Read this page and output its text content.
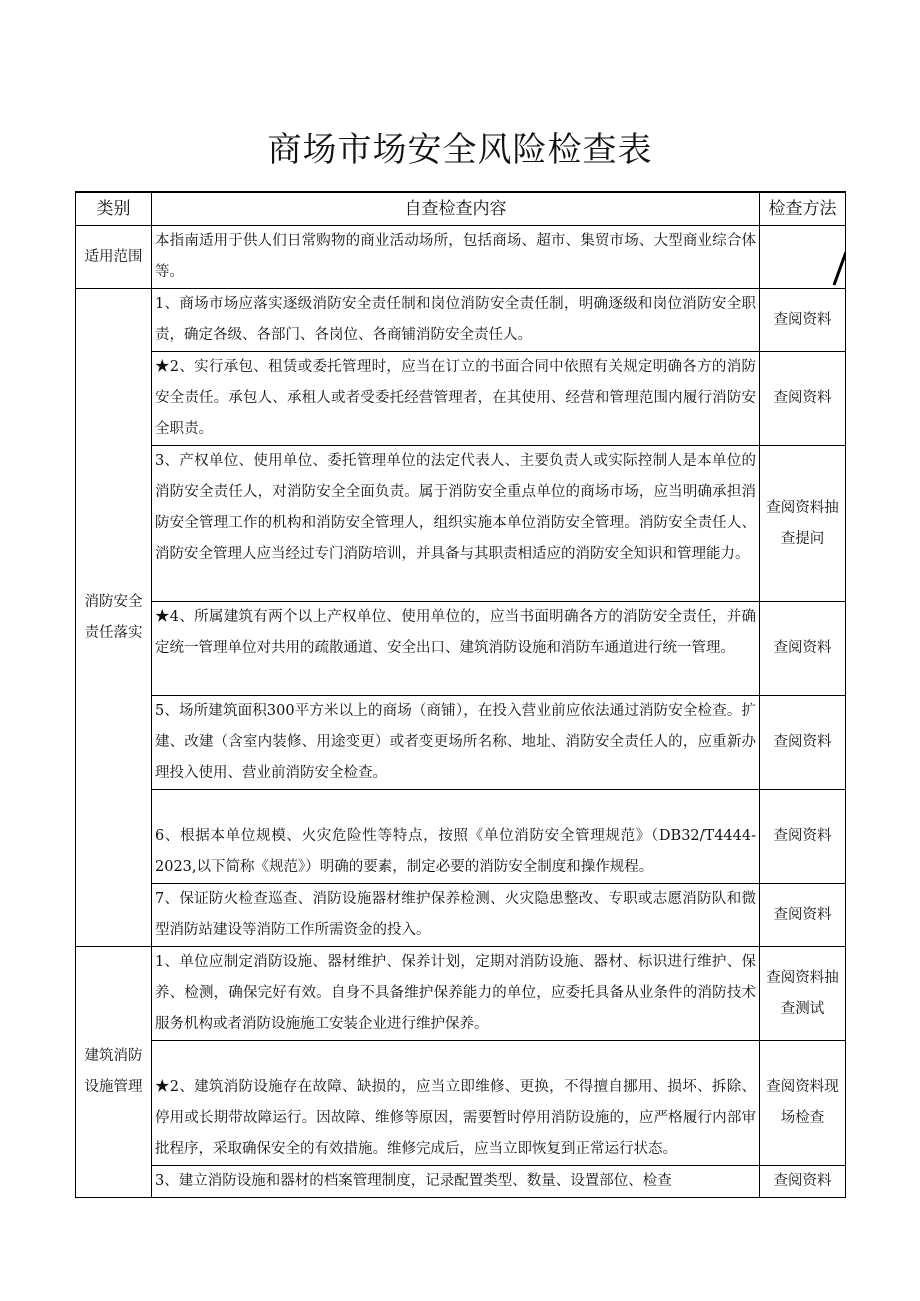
商场市场安全风险检查表
类别	自查检查内容	检查方法
适用范围	本指南适用于供人们日常购物的商业活动场所，包括商场、超市、集贸市场、大型商业综合体等。	

消防安全责任落实	1、商场市场应落实逐级消防安全责任制和岗位消防安全责任制，明确逐级和岗位消防安全职责，确定各级、各部门、各岗位、各商铺消防安全责任人。	查阅资料
	★2、实行承包、租赁或委托管理时，应当在订立的书面合同中依照有关规定明确各方的消防安全责任。承包人、承租人或者受委托经营管理者，在其使用、经营和管理范围内履行消防安全职责。	查阅资料
	3、产权单位、使用单位、委托管理单位的法定代表人、主要负责人或实际控制人是本单位的消防安全责任人，对消防安全全面负责。属于消防安全重点单位的商场市场，应当明确承担消防安全管理工作的机构和消防安全管理人，组织实施本单位消防安全管理。消防安全责任人、消防安全管理人应当经过专门消防培训，并具备与其职责相适应的消防安全知识和管理能力。	查阅资料抽查提问
	★4、所属建筑有两个以上产权单位、使用单位的，应当书面明确各方的消防安全责任，并确定统一管理单位对共用的疏散通道、安全出口、建筑消防设施和消防车通道进行统一管理。	查阅资料
	5、场所建筑面积300平方米以上的商场（商铺），在投入营业前应依法通过消防安全检查。扩建、改建（含室内装修、用途变更）或者变更场所名称、地址、消防安全责任人的，应重新办理投入使用、营业前消防安全检查。	查阅资料
	6、根据本单位规模、火灾危险性等特点，按照《单位消防安全管理规范》（DB32/T4444-2023,以下简称《规范》）明确的要素，制定必要的消防安全制度和操作规程。	查阅资料
	7、保证防火检查巡查、消防设施器材维护保养检测、火灾隐患整改、专职或志愿消防队和微型消防站建设等消防工作所需资金的投入。	查阅资料
建筑消防设施管理	1、单位应制定消防设施、器材维护、保养计划，定期对消防设施、器材、标识进行维护、保养、检测，确保完好有效。自身不具备维护保养能力的单位，应委托具备从业条件的消防技术服务机构或者消防设施施工安装企业进行维护保养。	查阅资料抽查测试
	★2、建筑消防设施存在故障、缺损的，应当立即维修、更换，不得擅自挪用、损坏、拆除、停用或长期带故障运行。因故障、维修等原因，需要暂时停用消防设施的，应严格履行内部审批程序，采取确保安全的有效措施。维修完成后，应当立即恢复到正常运行状态。	查阅资料现场检查
	3、建立消防设施和器材的档案管理制度，记录配置类型、数量、设置部位、检查	查阅资料
